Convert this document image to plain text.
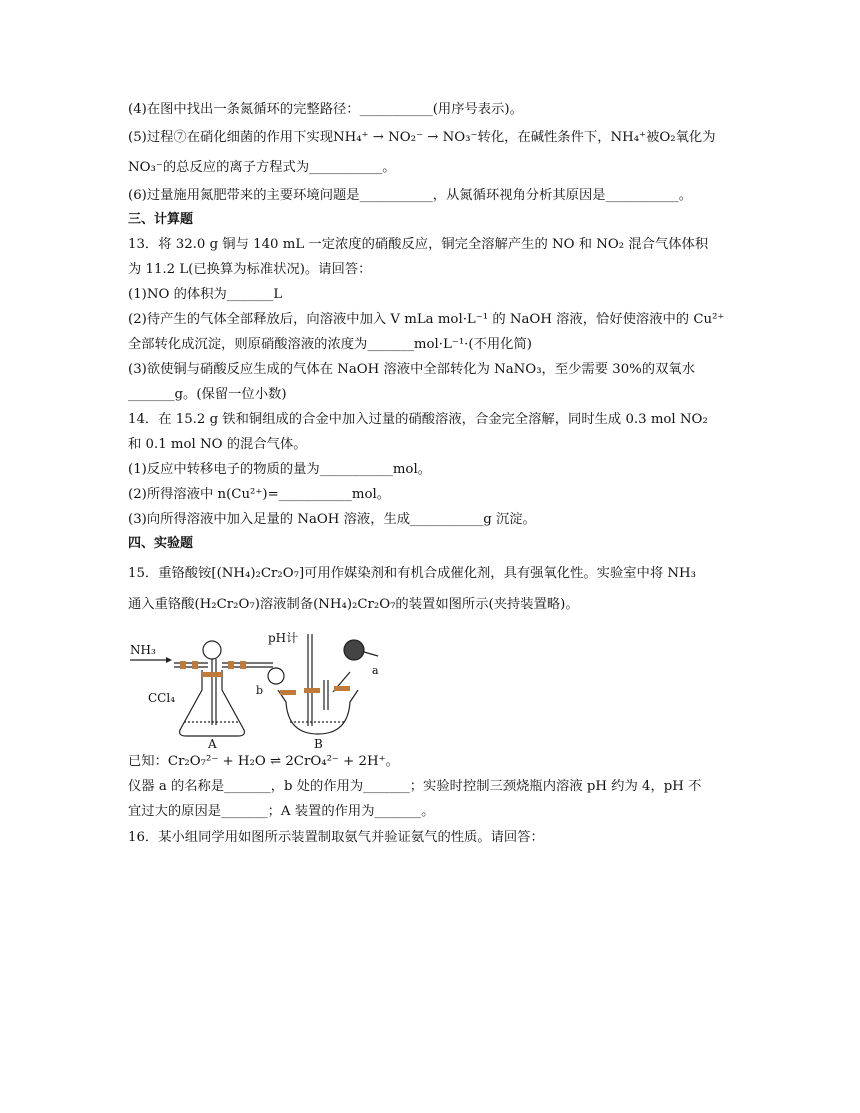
(4)在图中找出一条氮循环的完整路径：___________(用序号表示)。
(5)过程⑦在硝化细菌的作用下实现NH₄⁺ → NO₂⁻ → NO₃⁻转化，在碱性条件下，NH₄⁺被O₂氧化为
NO₃⁻的总反应的离子方程式为___________。
(6)过量施用氮肥带来的主要环境问题是___________，从氮循环视角分析其原因是___________。
三、计算题
13．将 32.0 g 铜与 140 mL 一定浓度的硝酸反应，铜完全溶解产生的 NO 和 NO₂ 混合气体体积
为 11.2 L(已换算为标准状况)。请回答：
(1)NO 的体积为_______L
(2)待产生的气体全部释放后，向溶液中加入 V mLa mol·L⁻¹ 的 NaOH 溶液，恰好使溶液中的 Cu²⁺
全部转化成沉淀，则原硝酸溶液的浓度为_______mol·L⁻¹·(不用化简)
(3)欲使铜与硝酸反应生成的气体在 NaOH 溶液中全部转化为 NaNO₃，至少需要 30%的双氧水
_______g。(保留一位小数)
14．在 15.2 g 铁和铜组成的合金中加入过量的硝酸溶液，合金完全溶解，同时生成 0.3 mol NO₂
和 0.1 mol NO 的混合气体。
(1)反应中转移电子的物质的量为___________mol。
(2)所得溶液中 n(Cu²⁺)=___________mol。
(3)向所得溶液中加入足量的 NaOH 溶液，生成___________g 沉淀。
四、实验题
15．重铬酸铵[(NH₄)₂Cr₂O₇]可用作媒染剂和有机合成催化剂，具有强氧化性。实验室中将 NH₃
通入重铬酸(H₂Cr₂O₇)溶液制备(NH₄)₂Cr₂O₇的装置如图所示(夹持装置略)。
NH₃
CCl₄
pH计
a
b
A	B
已知：Cr₂O₇²⁻ + H₂O ⇌ 2CrO₄²⁻ + 2H⁺。
仪器 a 的名称是_______，b 处的作用为_______；实验时控制三颈烧瓶内溶液 pH 约为 4，pH 不
宜过大的原因是_______；A 装置的作用为_______。
16．某小组同学用如图所示装置制取氨气并验证氨气的性质。请回答：
